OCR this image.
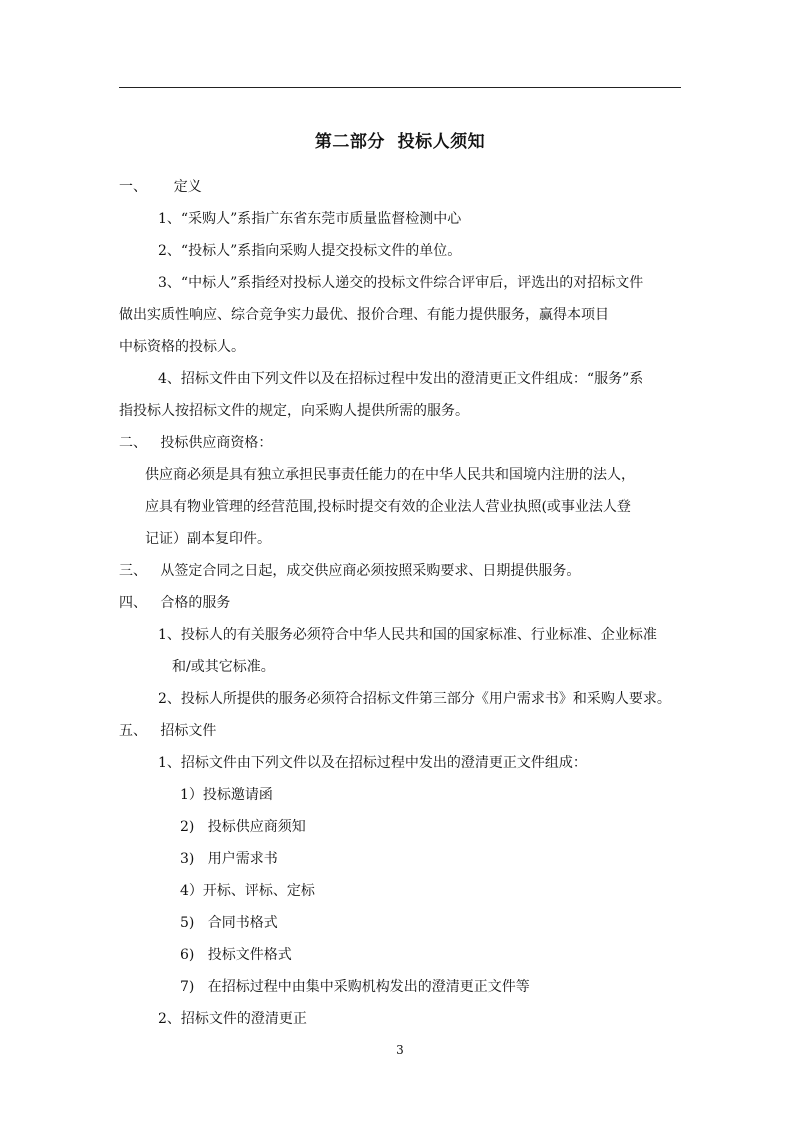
第二部分  投标人须知
一、      定义
1、“采购人”系指广东省东莞市质量监督检测中心
2、“投标人”系指向采购人提交投标文件的单位。
3、“中标人”系指经对投标人递交的投标文件综合评审后，评选出的对招标文件
做出实质性响应、综合竞争实力最优、报价合理、有能力提供服务，赢得本项目
中标资格的投标人。
4、招标文件由下列文件以及在招标过程中发出的澄清更正文件组成：“服务”系
指投标人按招标文件的规定，向采购人提供所需的服务。
二、   投标供应商资格：
供应商必须是具有独立承担民事责任能力的在中华人民共和国境内注册的法人，
应具有物业管理的经营范围,投标时提交有效的企业法人营业执照(或事业法人登
记证）副本复印件。
三、   从签定合同之日起，成交供应商必须按照采购要求、日期提供服务。
四、   合格的服务
1、投标人的有关服务必须符合中华人民共和国的国家标准、行业标准、企业标准
和/或其它标准。
2、投标人所提供的服务必须符合招标文件第三部分《用户需求书》和采购人要求。
五、   招标文件
1、招标文件由下列文件以及在招标过程中发出的澄清更正文件组成：
1）投标邀请函
2)   投标供应商须知
3)   用户需求书
4）开标、评标、定标
5)   合同书格式
6)   投标文件格式
7)   在招标过程中由集中采购机构发出的澄清更正文件等
2、招标文件的澄清更正
3
